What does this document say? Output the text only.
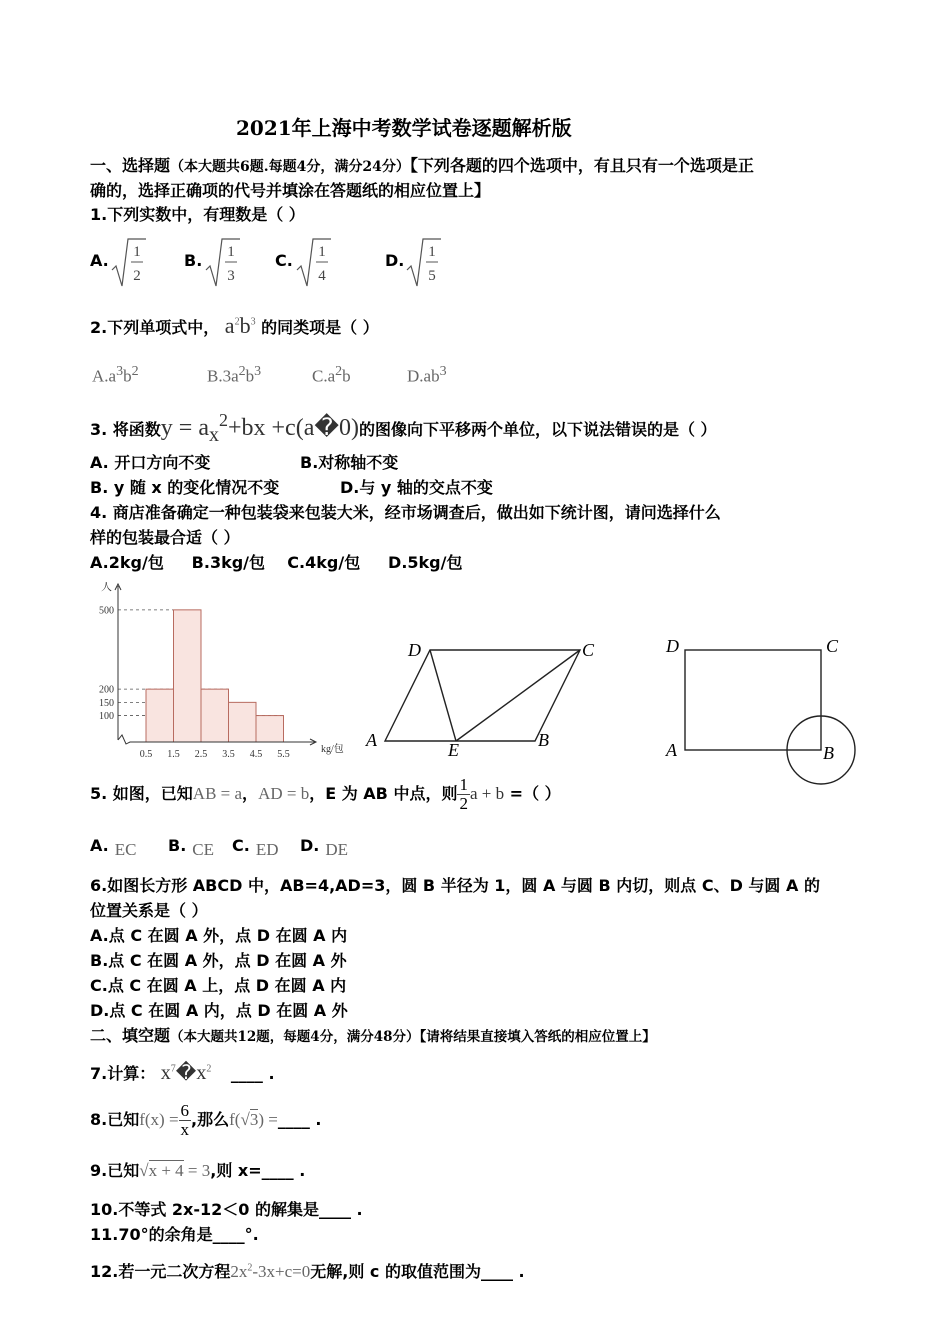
2021年上海中考数学试卷逐题解析版
一、选择题（本大题共6题.每题4分，满分24分）【下列各题的四个选项中，有且只有一个选项是正
确的，选择正确项的代号并填涂在答题纸的相应位置上】
1.下列实数中，有理数是（ ）
A. 1
2
B. 1
3
C. 1
4
D. 1
5
2.下列单项式中， $a^2b^3$ 的同类项是（ ）
$A.a^3b^2$	$B.3a^2b^3$	$C.a^2b$	$D.ab^3$
3. 将函数$y = a_x^2+bx$ +c(a�0)的图像向下平移两个单位，以下说法错误的是（ ）
A. 开口方向不变	B.对称轴不变
B. y 随 x 的变化情况不变	D.与 y 轴的交点不变
4. 商店准备确定一种包装袋来包装大米，经市场调查后，做出如下统计图，请问选择什么
样的包装最合适（ ）
A.2kg/包     B.3kg/包    C.4kg/包     D.5kg/包
100
150
200
500
0.5 1.5 2.5 3.5 4.5 5.5
人
kg/包
D	C
A	E	B
D	C
A	B
5. 如图，已知AB = a，AD = b，E 为 AB 中点，则 $\frac{1}{2}$ a + b =（ ）
A. EC B. CE C. ED D. DE
6.如图长方形 ABCD 中，AB=4,AD=3，圆 B 半径为 1，圆 A 与圆 B 内切，则点 C、D 与圆 A 的
位置关系是（ ）
A.点 C 在圆 A 外，点 D 在圆 A 内
B.点 C 在圆 A 外，点 D 在圆 A 外
C.点 C 在圆 A 上，点 D 在圆 A 内
D.点 C 在圆 A 内，点 D 在圆 A 外
二、填空题（本大题共12题，每题4分，满分48分）【请将结果直接填入答纸的相应位置上】
7.计算： $x^7�x^2$ ____ .
8.已知$f(x) = \frac{6}{x}$ ,那么f(√3) =____ .
9.已知√x + 4 = 3,则 x=____ .
10.不等式 2x-12＜0 的解集是____ .
11.70°的余角是____°.
12.若一元二次方程$2x^2-3x+c=0$无解,则 c 的取值范围为____ .
